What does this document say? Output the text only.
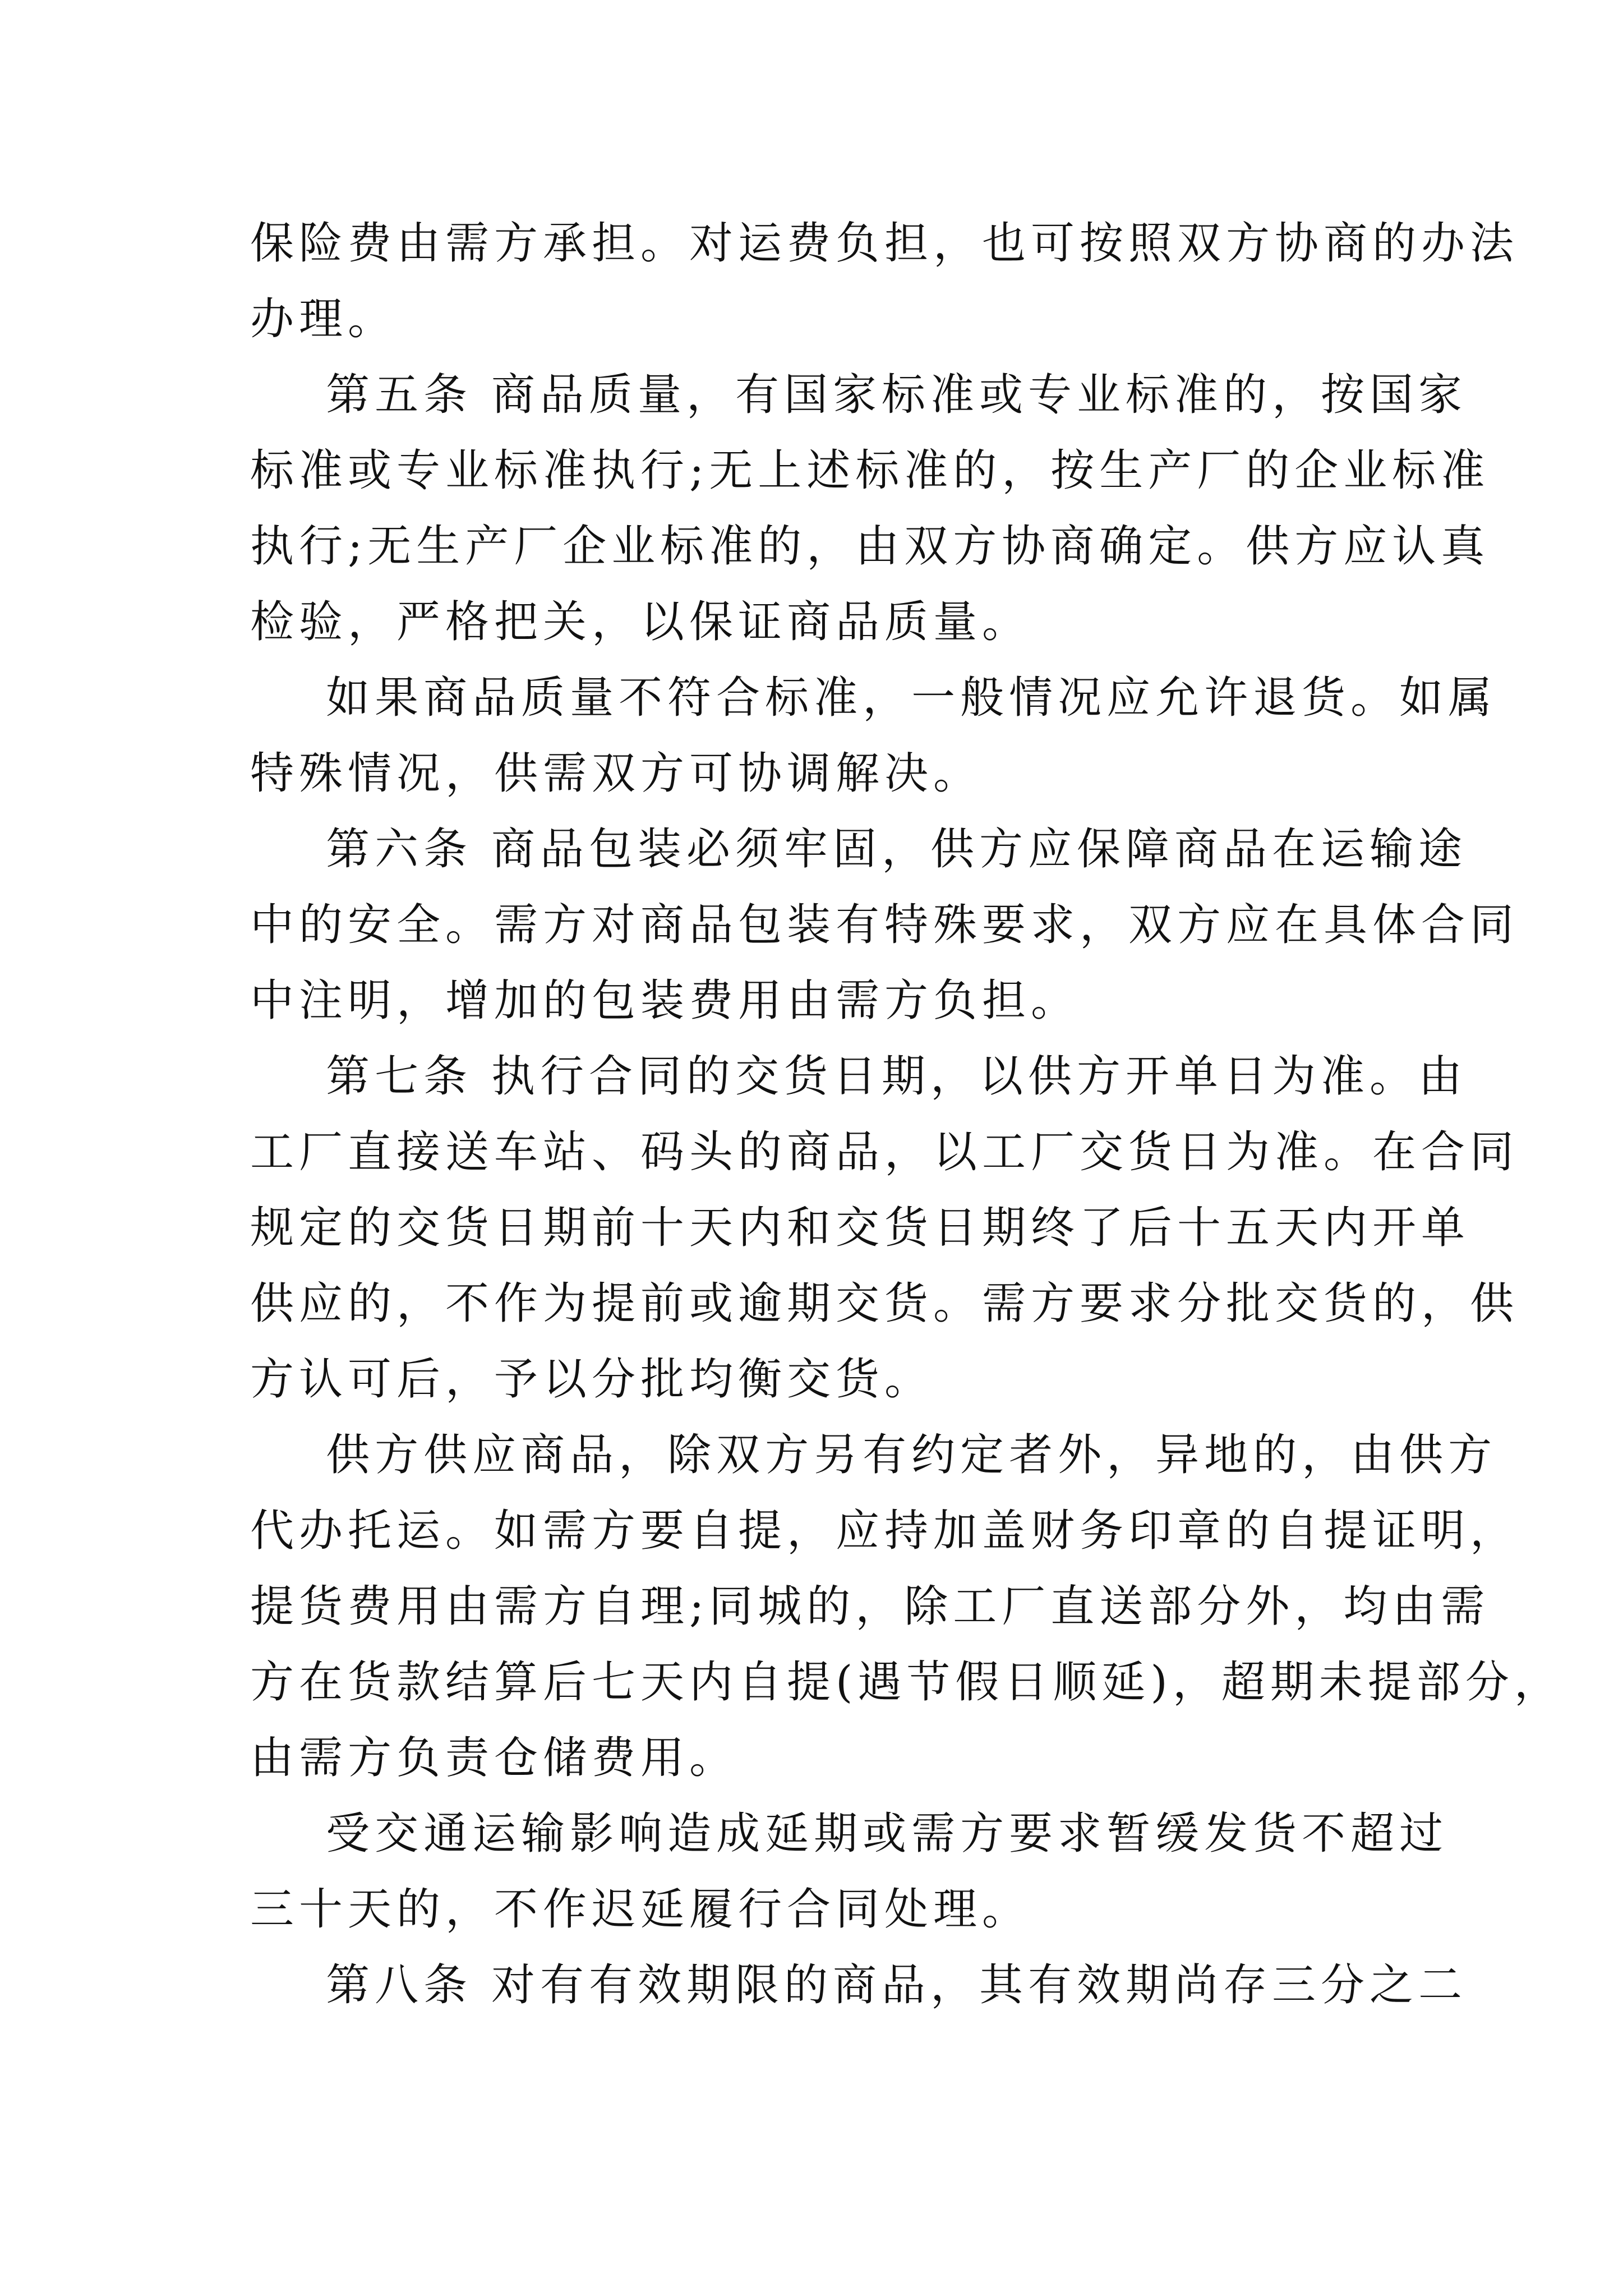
保险费由需方承担。对运费负担，也可按照双方协商的办法
办理。
第五条 商品质量，有国家标准或专业标准的，按国家
标准或专业标准执行;无上述标准的，按生产厂的企业标准
执行;无生产厂企业标准的，由双方协商确定。供方应认真
检验，严格把关，以保证商品质量。
如果商品质量不符合标准，一般情况应允许退货。如属
特殊情况，供需双方可协调解决。
第六条 商品包装必须牢固，供方应保障商品在运输途
中的安全。需方对商品包装有特殊要求，双方应在具体合同
中注明，增加的包装费用由需方负担。
第七条 执行合同的交货日期，以供方开单日为准。由
工厂直接送车站、码头的商品，以工厂交货日为准。在合同
规定的交货日期前十天内和交货日期终了后十五天内开单
供应的，不作为提前或逾期交货。需方要求分批交货的，供
方认可后，予以分批均衡交货。
供方供应商品，除双方另有约定者外，异地的，由供方
代办托运。如需方要自提，应持加盖财务印章的自提证明，
提货费用由需方自理;同城的，除工厂直送部分外，均由需
方在货款结算后七天内自提(遇节假日顺延)，超期未提部分，
由需方负责仓储费用。
受交通运输影响造成延期或需方要求暂缓发货不超过
三十天的，不作迟延履行合同处理。
第八条 对有有效期限的商品，其有效期尚存三分之二
